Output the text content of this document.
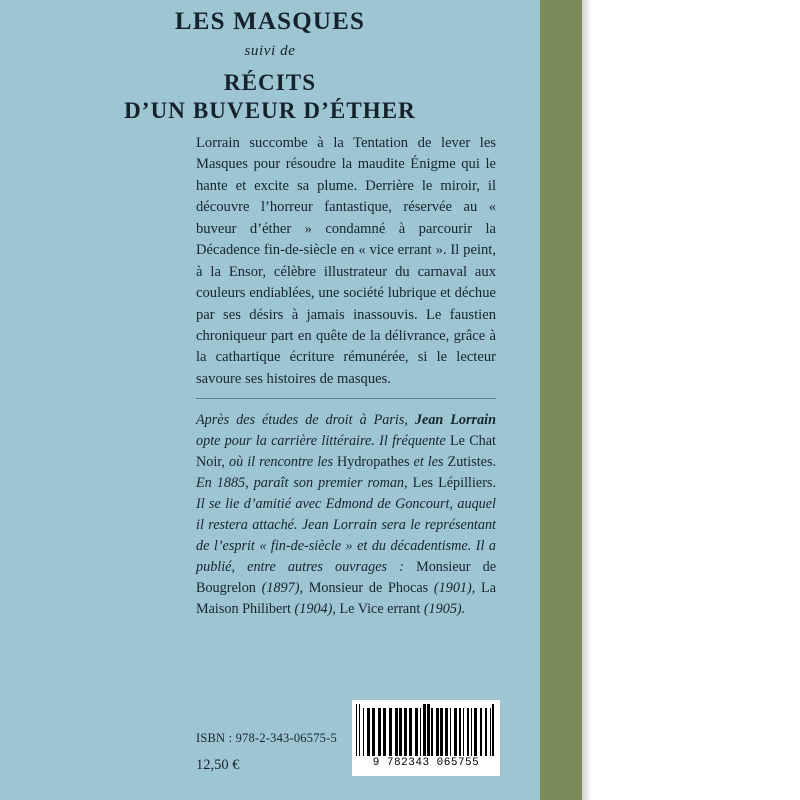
LES MASQUES
suivi de
RÉCITS
D’UN BUVEUR D’ÉTHER
Lorrain succombe à la Tentation de lever les Masques pour résoudre la maudite Énigme qui le hante et excite sa plume. Derrière le miroir, il découvre l’horreur fantastique, réservée au « buveur d’éther » condamné à parcourir la Décadence fin-de-siècle en « vice errant ». Il peint, à la Ensor, célèbre illustrateur du carnaval aux couleurs endiablées, une société lubrique et déchue par ses désirs à jamais inassouvis. Le faustien chroniqueur part en quête de la délivrance, grâce à la cathartique écriture rémunérée, si le lecteur savoure ses histoires de masques.
Après des études de droit à Paris, Jean Lorrain opte pour la carrière littéraire. Il fréquente Le Chat Noir, où il rencontre les Hydropathes et les Zutistes. En 1885, paraît son premier roman, Les Lépilliers. Il se lie d’amitié avec Edmond de Goncourt, auquel il restera attaché. Jean Lorrain sera le représentant de l’esprit « fin-de-siècle » et du décadentisme. Il a publié, entre autres ouvrages : Monsieur de Bougrelon (1897), Monsieur de Phocas (1901), La Maison Philibert (1904), Le Vice errant (1905).
ISBN : 978-2-343-06575-5
12,50 €	9 782343 065755
